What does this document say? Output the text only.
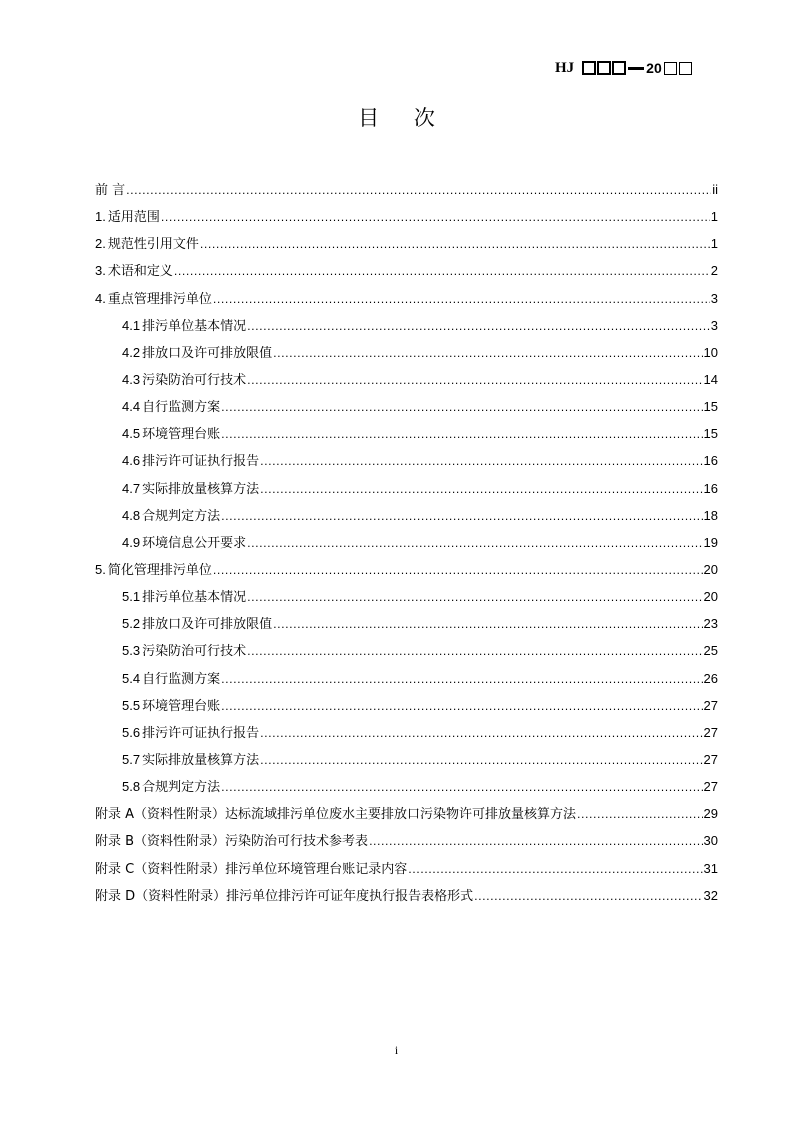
HJ	20
目 次
前 言 .....	ii
1. 适用范围 .....	1
2. 规范性引用文件 .....	1
3. 术语和定义 .....	2
4. 重点管理排污单位 .....	3
4.1 排污单位基本情况 .....	3
4.2 排放口及许可排放限值 .....	10
4.3 污染防治可行技术 .....	14
4.4 自行监测方案 .....	15
4.5 环境管理台账 .....	15
4.6 排污许可证执行报告 .....	16
4.7 实际排放量核算方法 .....	16
4.8 合规判定方法 .....	18
4.9 环境信息公开要求 .....	19
5. 简化管理排污单位 .....	20
5.1 排污单位基本情况 .....	20
5.2 排放口及许可排放限值 .....	23
5.3 污染防治可行技术 .....	25
5.4 自行监测方案 .....	26
5.5 环境管理台账 .....	27
5.6 排污许可证执行报告 .....	27
5.7 实际排放量核算方法 .....	27
5.8 合规判定方法 .....	27
附录 A（资料性附录）达标流域排污单位废水主要排放口污染物许可排放量核算方法 .....	29
附录 B（资料性附录）污染防治可行技术参考表 .....	30
附录 C（资料性附录）排污单位环境管理台账记录内容 .....	31
附录 D（资料性附录）排污单位排污许可证年度执行报告表格形式 .....	32
i
